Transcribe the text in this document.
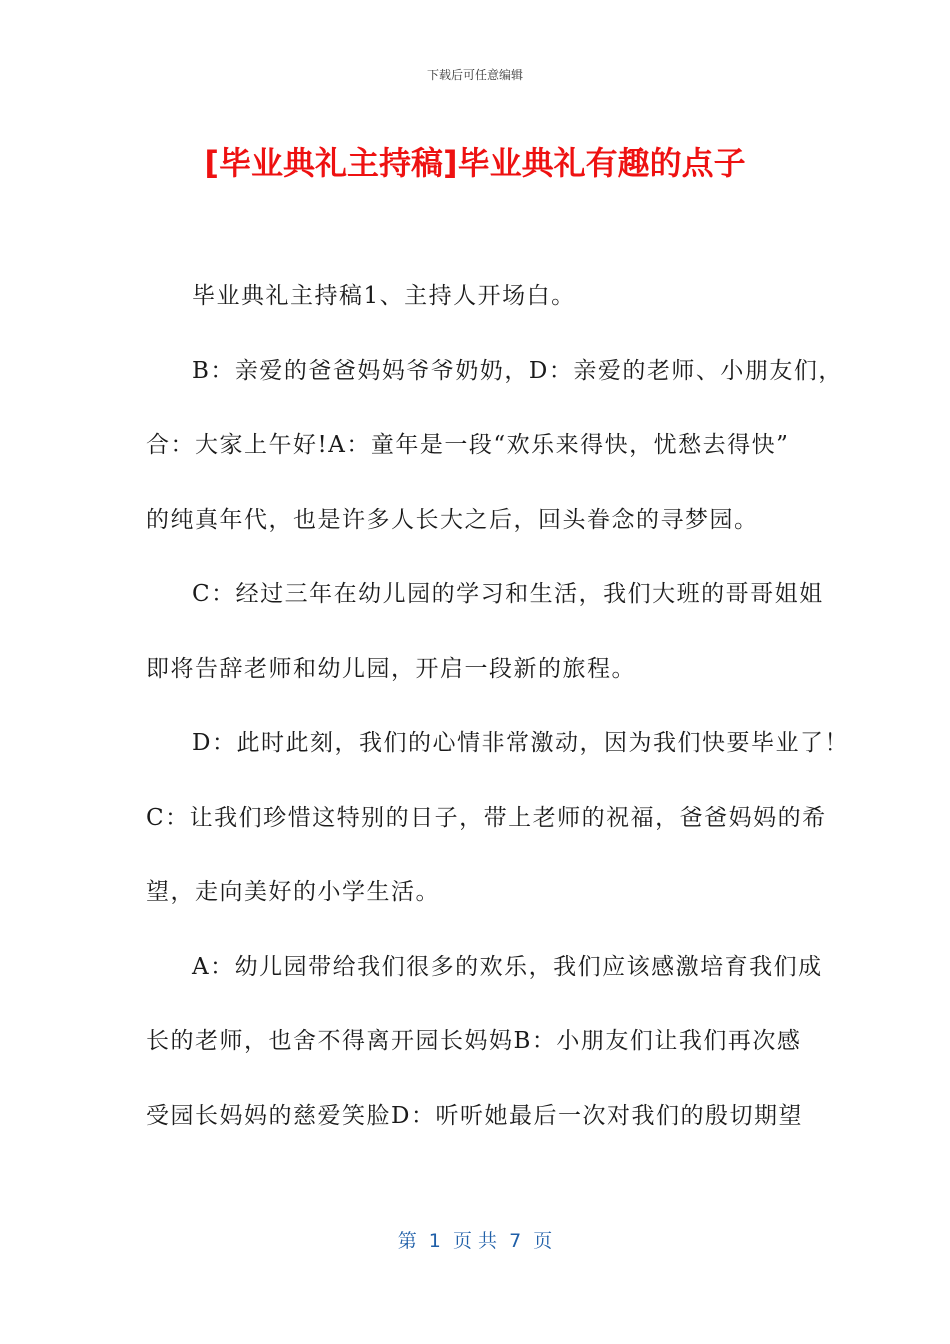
下载后可任意编辑
[毕业典礼主持稿]毕业典礼有趣的点子
毕业典礼主持稿1、主持人开场白。
B：亲爱的爸爸妈妈爷爷奶奶，D：亲爱的老师、小朋友们，
合：大家上午好!A：童年是一段“欢乐来得快，忧愁去得快”
的纯真年代，也是许多人长大之后，回头眷念的寻梦园。
C：经过三年在幼儿园的学习和生活，我们大班的哥哥姐姐
即将告辞老师和幼儿园，开启一段新的旅程。
D：此时此刻，我们的心情非常激动，因为我们快要毕业了！
C：让我们珍惜这特别的日子，带上老师的祝福，爸爸妈妈的希
望，走向美好的小学生活。
A：幼儿园带给我们很多的欢乐，我们应该感激培育我们成
长的老师，也舍不得离开园长妈妈B：小朋友们让我们再次感
受园长妈妈的慈爱笑脸D：听听她最后一次对我们的殷切期望
第  1  页 共  7  页
